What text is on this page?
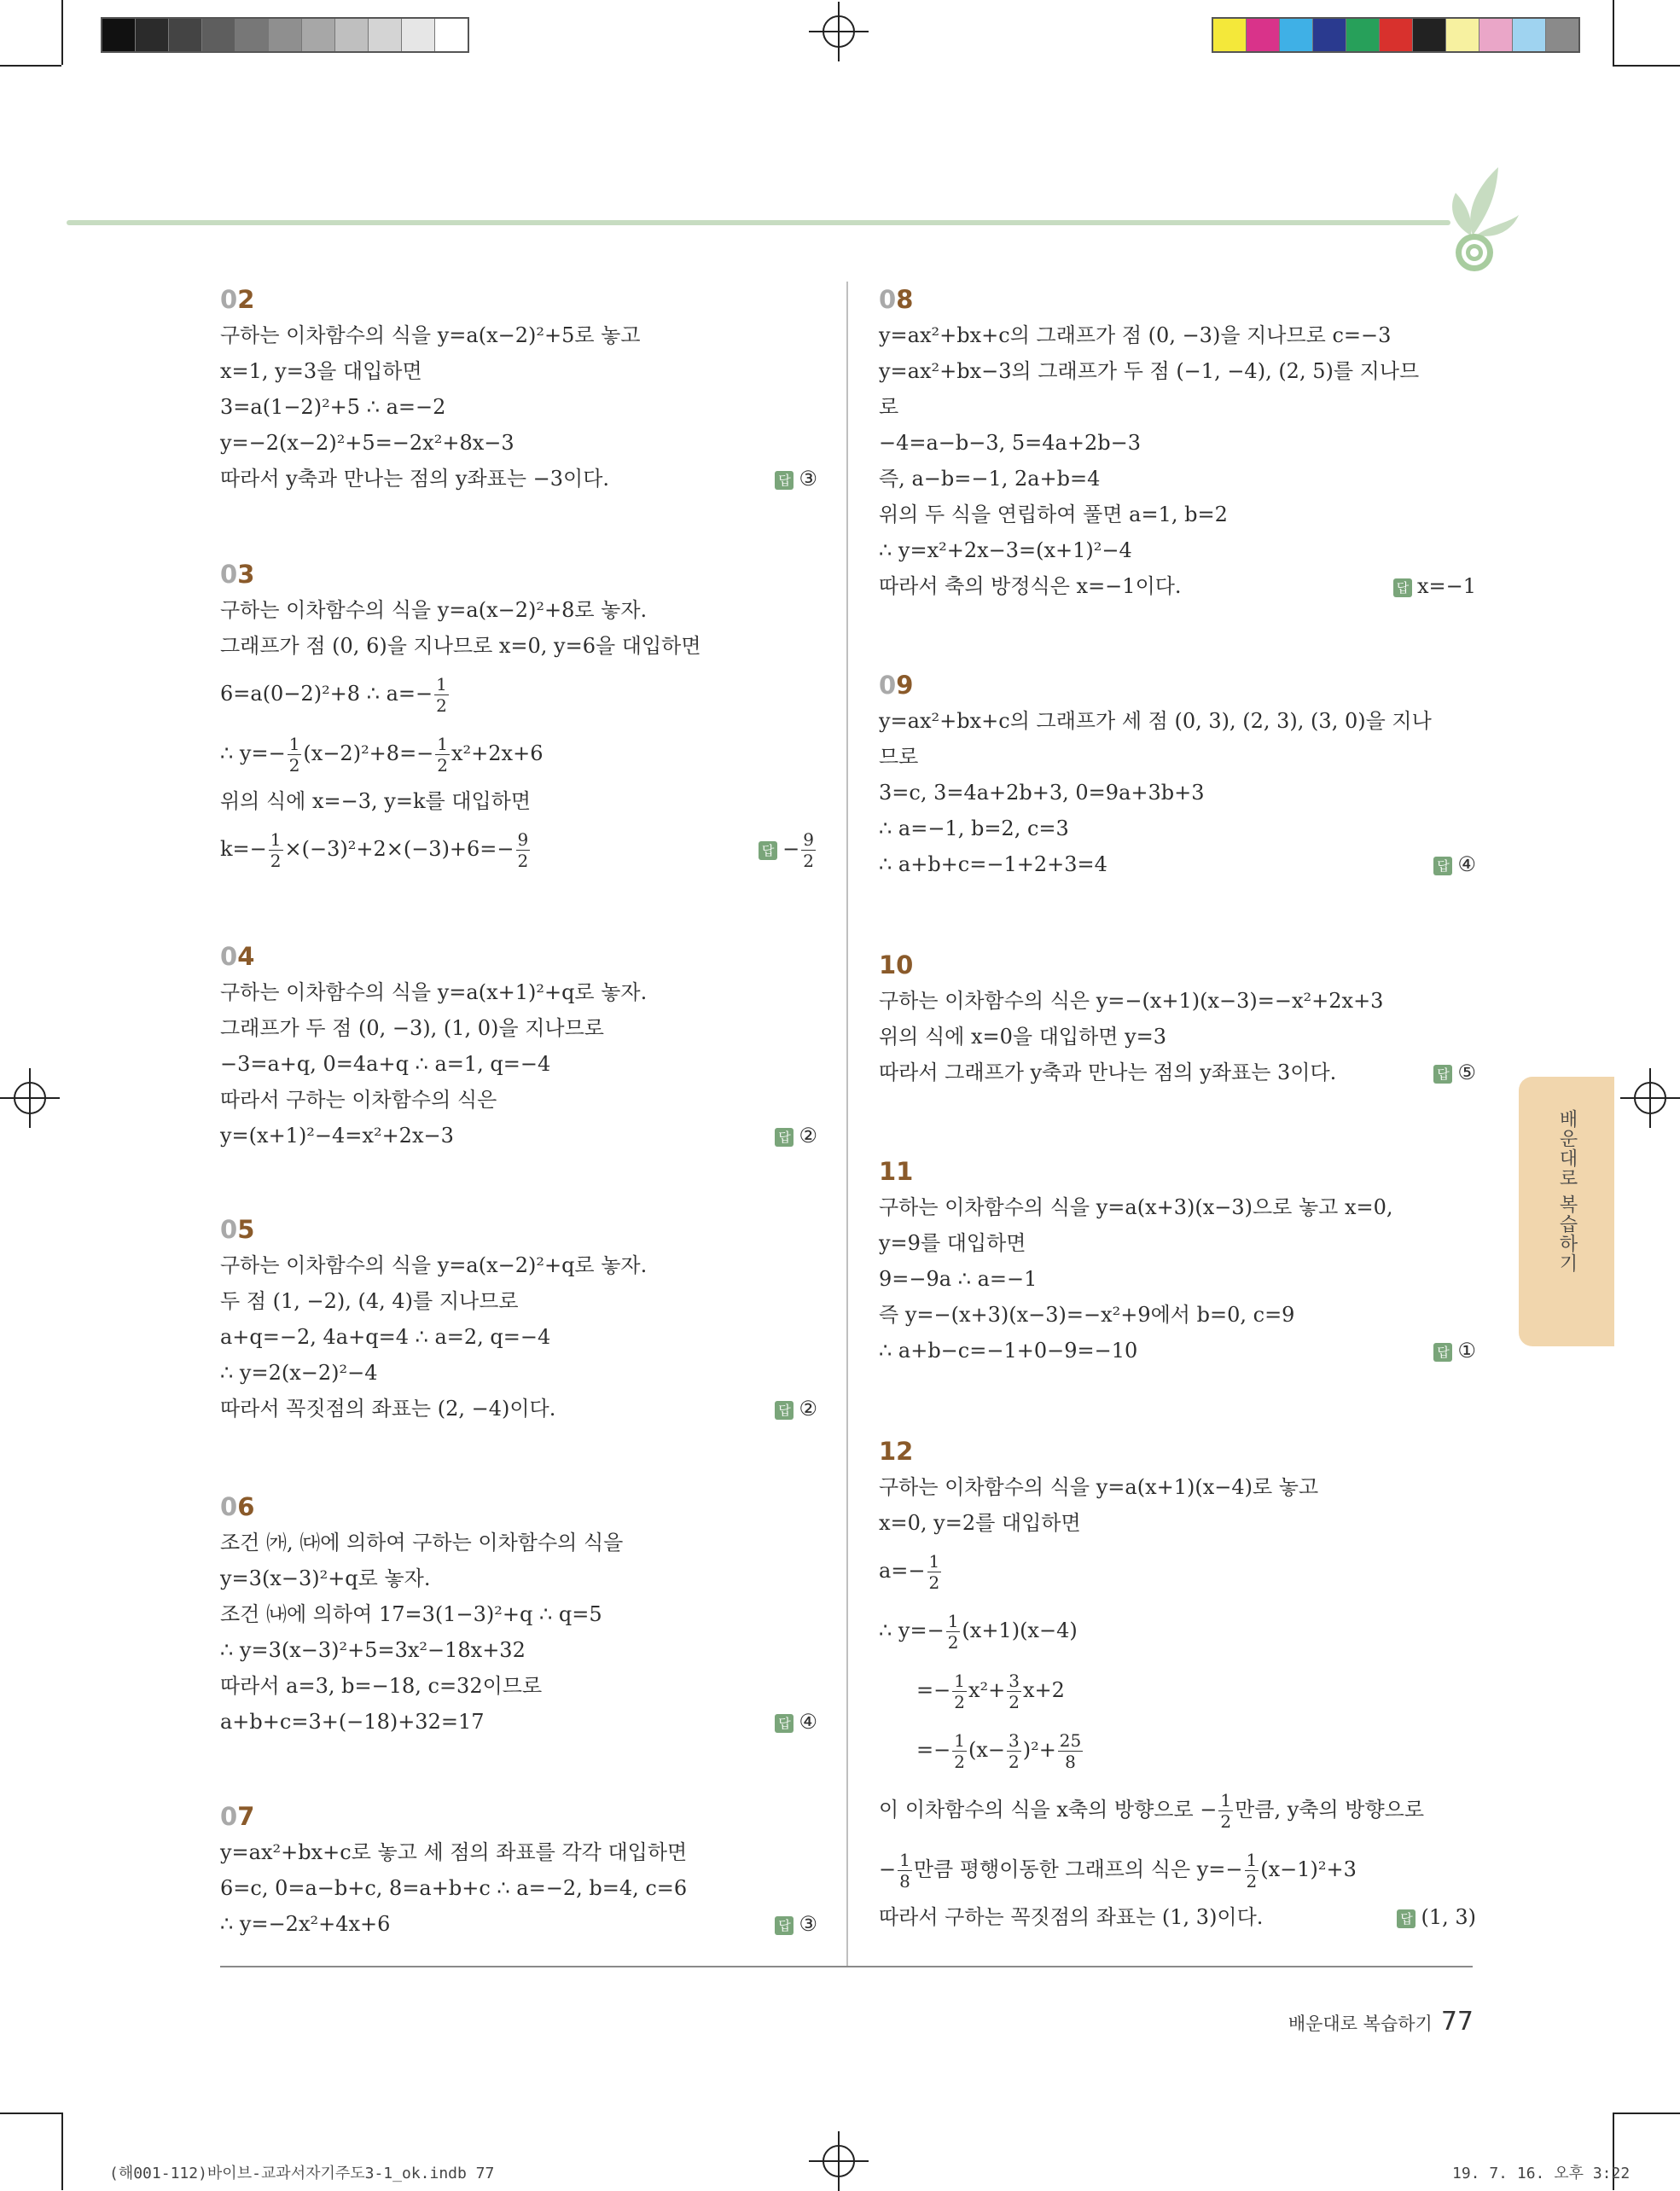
02
구하는 이차함수의 식을 y=a(x−2)²+5로 놓고
x=1, y=3을 대입하면
3=a(1−2)²+5 ∴ a=−2
y=−2(x−2)²+5=−2x²+8x−3
따라서 y축과 만나는 점의 y좌표는 −3이다.	답 ③
03
구하는 이차함수의 식을 y=a(x−2)²+8로 놓자.
그래프가 점 (0, 6)을 지나므로 x=0, y=6을 대입하면
6=a(0−2)²+8 ∴ $a=- \frac{1}{2}$
∴ $y=- \frac{1}{2} (x-2)^2+8=- \frac{1}{2} x^2+2x+6$
위의 식에 x=−3, y=k를 대입하면
$k=- \frac{1}{2} \times(-3)^2+2\times(-3)+6=- \frac{9}{2}$	답 − $\frac{9}{2}$
04
구하는 이차함수의 식을 y=a(x+1)²+q로 놓자.
그래프가 두 점 (0, −3), (1, 0)을 지나므로
−3=a+q, 0=4a+q ∴ a=1, q=−4
따라서 구하는 이차함수의 식은
y=(x+1)²−4=x²+2x−3	답 ②
05
구하는 이차함수의 식을 y=a(x−2)²+q로 놓자.
두 점 (1, −2), (4, 4)를 지나므로
a+q=−2, 4a+q=4 ∴ a=2, q=−4
∴ y=2(x−2)²−4
따라서 꼭짓점의 좌표는 (2, −4)이다.	답 ②
06
조건 ㈎, ㈐에 의하여 구하는 이차함수의 식을
y=3(x−3)²+q로 놓자.
조건 ㈏에 의하여 17=3(1−3)²+q ∴ q=5
∴ y=3(x−3)²+5=3x²−18x+32
따라서 a=3, b=−18, c=32이므로
a+b+c=3+(−18)+32=17	답 ④
07
y=ax²+bx+c로 놓고 세 점의 좌표를 각각 대입하면
6=c, 0=a−b+c, 8=a+b+c ∴ a=−2, b=4, c=6
∴ y=−2x²+4x+6	답 ③
08
y=ax²+bx+c의 그래프가 점 (0, −3)을 지나므로 c=−3
y=ax²+bx−3의 그래프가 두 점 (−1, −4), (2, 5)를 지나므
로
−4=a−b−3, 5=4a+2b−3
즉, a−b=−1, 2a+b=4
위의 두 식을 연립하여 풀면 a=1, b=2
∴ y=x²+2x−3=(x+1)²−4
따라서 축의 방정식은 x=−1이다.	답 x=−1
09
y=ax²+bx+c의 그래프가 세 점 (0, 3), (2, 3), (3, 0)을 지나
므로
3=c, 3=4a+2b+3, 0=9a+3b+3
∴ a=−1, b=2, c=3
∴ a+b+c=−1+2+3=4	답 ④
10
구하는 이차함수의 식은 y=−(x+1)(x−3)=−x²+2x+3
위의 식에 x=0을 대입하면 y=3
따라서 그래프가 y축과 만나는 점의 y좌표는 3이다.	답 ⑤
11
구하는 이차함수의 식을 y=a(x+3)(x−3)으로 놓고 x=0,
y=9를 대입하면
9=−9a ∴ a=−1
즉 y=−(x+3)(x−3)=−x²+9에서 b=0, c=9
∴ a+b−c=−1+0−9=−10	답 ①
12
구하는 이차함수의 식을 y=a(x+1)(x−4)로 놓고
x=0, y=2를 대입하면
$a=- \frac{1}{2}$
∴ $y=- \frac{1}{2} (x+1)(x-4)$
=− $\frac{1}{2} x^2+ \frac{3}{2} x+2$
=− $\frac{1}{2} (x- \frac{3}{2} )^2+ \frac{25}{8}$
이 이차함수의 식을 x축의 방향으로 − $\frac{1}{2}$ 만큼, y축의 방향으로
− $\frac{1}{8}$ 만큼 평행이동한 그래프의 식은 $y=- \frac{1}{2} (x-1)^2+3$
따라서 구하는 꼭짓점의 좌표는 (1, 3)이다.	답 (1, 3)
배운대로 복습하기
배운대로 복습하기 77
(해001-112)바이브-교과서자기주도3-1_ok.indb 77	19. 7. 16. 오후 3:22
